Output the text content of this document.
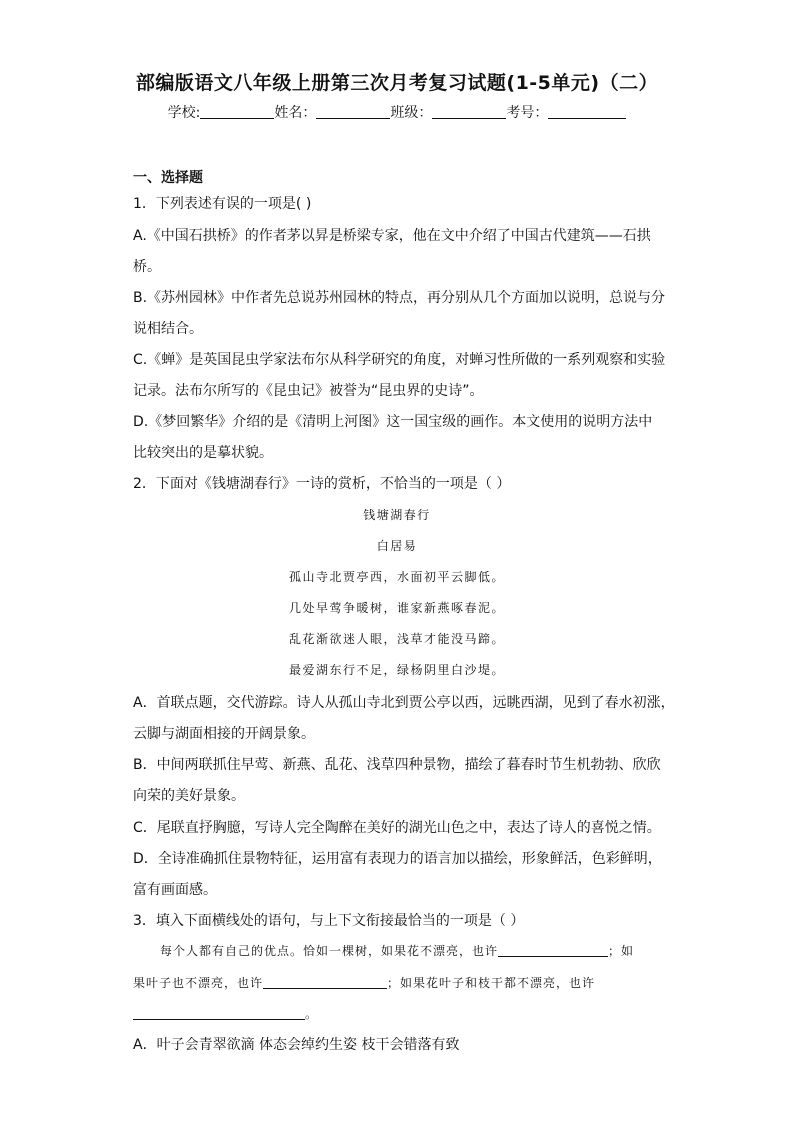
部编版语文八年级上册第三次月考复习试题(1-5单元)（二）
学校:	姓名：	班级：	考号：
一、选择题
1．下列表述有误的一项是( )
A.《中国石拱桥》的作者茅以昇是桥梁专家，他在文中介绍了中国古代建筑——石拱
桥。
B.《苏州园林》中作者先总说苏州园林的特点，再分别从几个方面加以说明，总说与分
说相结合。
C.《蝉》是英国昆虫学家法布尔从科学研究的角度，对蝉习性所做的一系列观察和实验
记录。法布尔所写的《昆虫记》被誉为“昆虫界的史诗”。
D.《梦回繁华》介绍的是《清明上河图》这一国宝级的画作。本文使用的说明方法中
比较突出的是摹状貌。
2．下面对《钱塘湖春行》一诗的赏析，不恰当的一项是（ ）
钱塘湖春行
白居易
孤山寺北贾亭西，水面初平云脚低。
几处早莺争暖树，谁家新燕啄春泥。
乱花渐欲迷人眼，浅草才能没马蹄。
最爱湖东行不足，绿杨阴里白沙堤。
A．首联点题，交代游踪。诗人从孤山寺北到贾公亭以西，远眺西湖，见到了春水初涨，
云脚与湖面相接的开阔景象。
B．中间两联抓住早莺、新燕、乱花、浅草四种景物，描绘了暮春时节生机勃勃、欣欣
向荣的美好景象。
C．尾联直抒胸臆，写诗人完全陶醉在美好的湖光山色之中，表达了诗人的喜悦之情。
D．全诗准确抓住景物特征，运用富有表现力的语言加以描绘，形象鲜活，色彩鲜明，
富有画面感。
3．填入下面横线处的语句，与上下文衔接最恰当的一项是（ ）
每个人都有自己的优点。恰如一棵树，如果花不漂亮，也许	；如
果叶子也不漂亮，也许	；如果花叶子和枝干都不漂亮，也许
。
A．叶子会青翠欲滴 体态会绰约生姿 枝干会错落有致
